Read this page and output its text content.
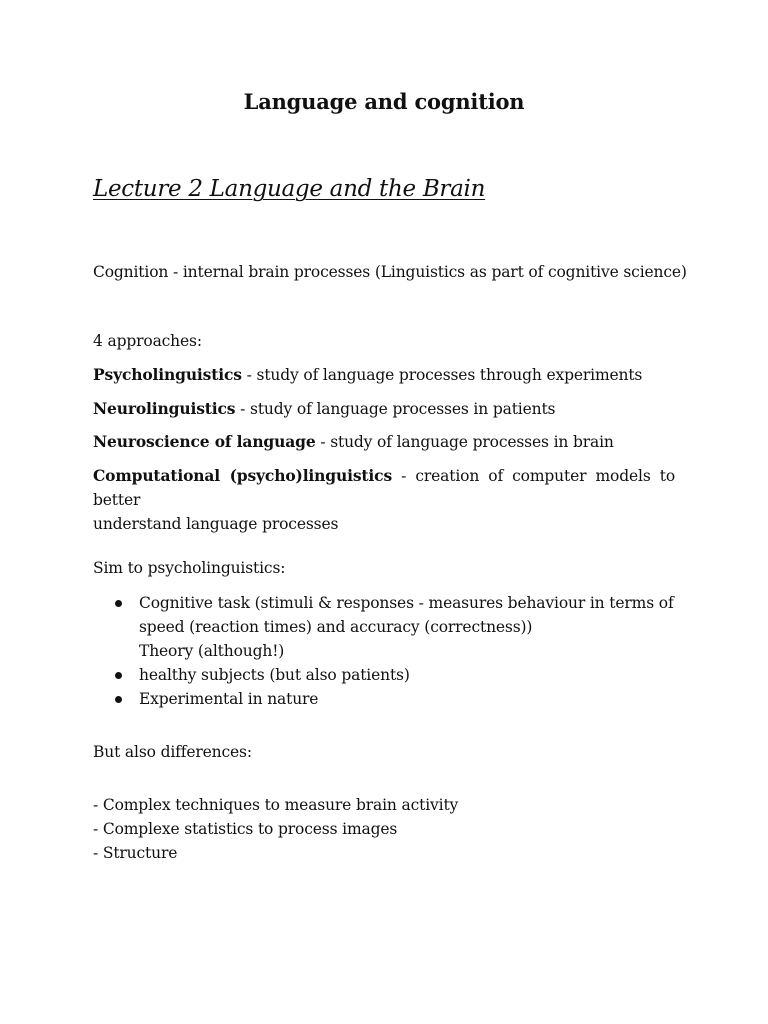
Language and cognition
Lecture 2 Language and the Brain
Cognition - internal brain processes (Linguistics as part of cognitive science)
4 approaches:
Psycholinguistics - study of language processes through experiments
Neurolinguistics - study of language processes in patients
Neuroscience of language - study of language processes in brain
Computational (psycho)linguistics - creation of computer models to better
understand language processes
Sim to psycholinguistics:
Cognitive task (stimuli & responses - measures behaviour in terms of
speed (reaction times) and accuracy (correctness))
Theory (although!)
healthy subjects (but also patients)
Experimental in nature
But also differences:
- Complex techniques to measure brain activity
- Complexe statistics to process images
- Structure
